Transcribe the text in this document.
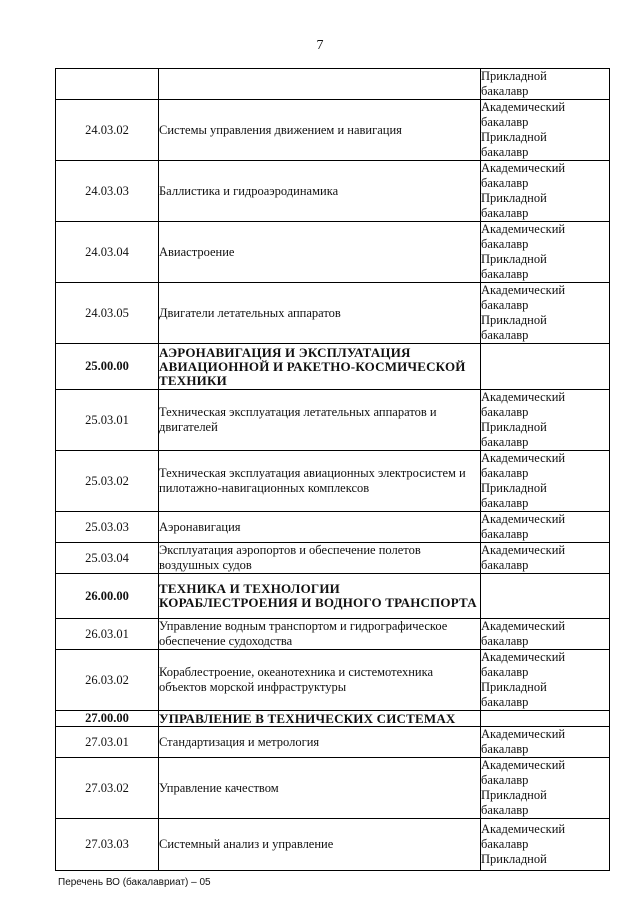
7

		Прикладной
бакалавр

24.03.02	Системы управления движением и навигация	Академический
бакалавр
Прикладной
бакалавр

24.03.03	Баллистика и гидроаэродинамика	Академический
бакалавр
Прикладной
бакалавр

24.03.04	Авиастроение	Академический
бакалавр
Прикладной
бакалавр

24.03.05	Двигатели летательных аппаратов	Академический
бакалавр
Прикладной
бакалавр

25.00.00	АЭРОНАВИГАЦИЯ И ЭКСПЛУАТАЦИЯ АВИАЦИОННОЙ И РАКЕТНО-КОСМИЧЕСКОЙ ТЕХНИКИ	
25.03.01	Техническая эксплуатация летательных аппаратов и двигателей	Академический
бакалавр
Прикладной
бакалавр

25.03.02	Техническая эксплуатация авиационных электросистем и пилотажно-навигационных комплексов	Академический
бакалавр
Прикладной
бакалавр

25.03.03	Аэронавигация	Академический
бакалавр

25.03.04	Эксплуатация аэропортов и обеспечение полетов воздушных судов	Академический
бакалавр

26.00.00	ТЕХНИКА И ТЕХНОЛОГИИ КОРАБЛЕСТРОЕНИЯ И ВОДНОГО ТРАНСПОРТА	
26.03.01	Управление водным транспортом и гидрографическое обеспечение судоходства	Академический
бакалавр

26.03.02	Кораблестроение, океанотехника и системотехника объектов морской инфраструктуры	Академический
бакалавр
Прикладной
бакалавр

27.00.00	УПРАВЛЕНИЕ В ТЕХНИЧЕСКИХ СИСТЕМАХ	
27.03.01	Стандартизация и метрология	Академический
бакалавр

27.03.02	Управление качеством	Академический
бакалавр
Прикладной
бакалавр

27.03.03	Системный анализ и управление	Академический
бакалавр
Прикладной
Перечень ВО (бакалавриат) – 05
